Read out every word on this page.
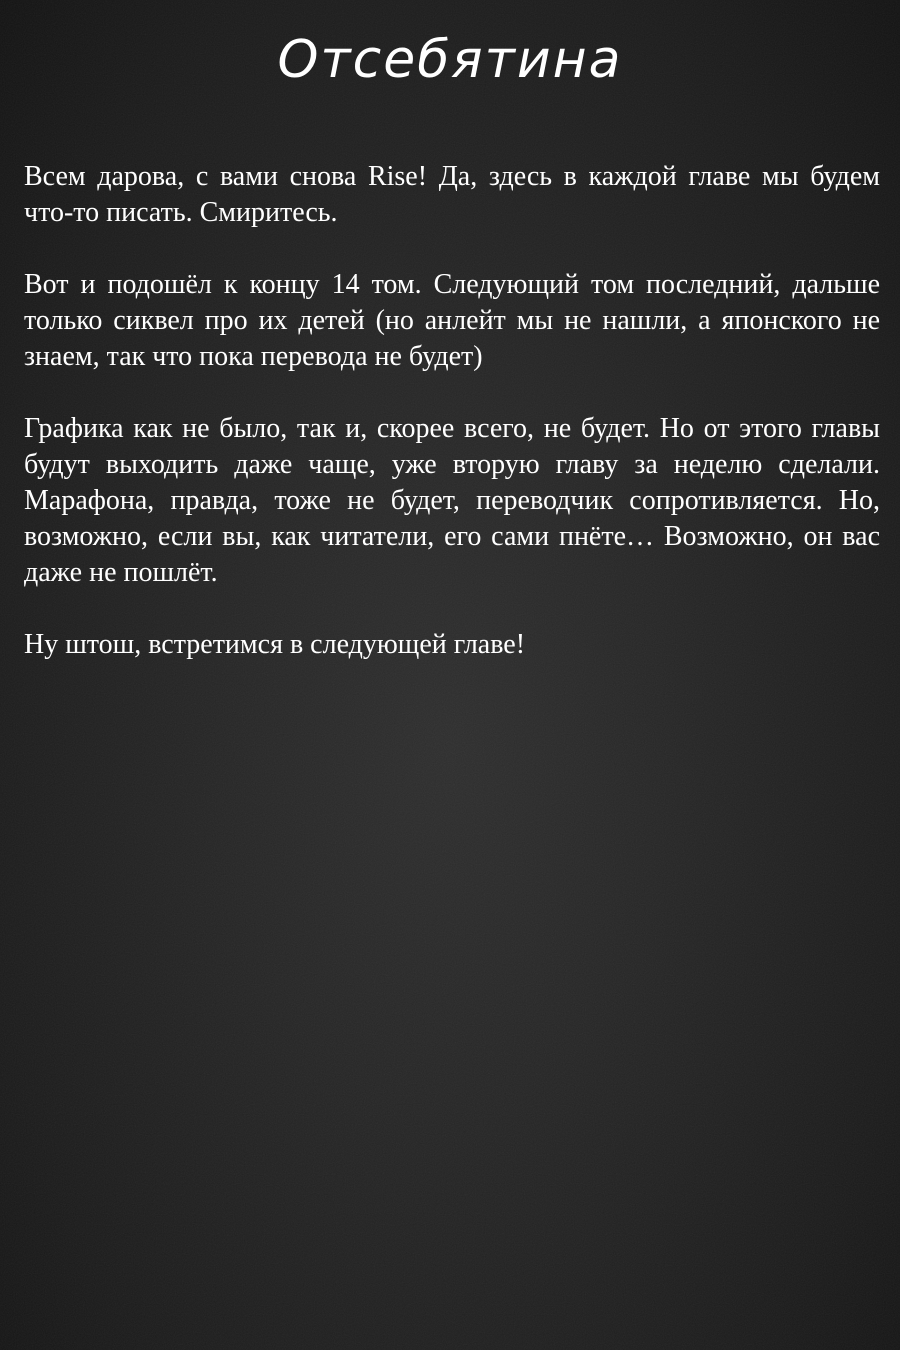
Отсебятина

Всем дарова, с вами снова Rise! Да, здесь в каждой главе мы будем что-то писать. Смиритесь.

Вот и подошёл к концу 14 том. Следующий том последний, дальше только сиквел про их детей (но анлейт мы не нашли, а японского не знаем, так что пока перевода не будет)

Графика как не было, так и, скорее всего, не будет. Но от этого главы будут выходить даже чаще, уже вторую главу за неделю сделали. Марафона, правда, тоже не будет, переводчик сопротивляется. Но, возможно, если вы, как читатели, его сами пнёте… Возможно, он вас даже не пошлёт.

Ну штош, встретимся в следующей главе!
